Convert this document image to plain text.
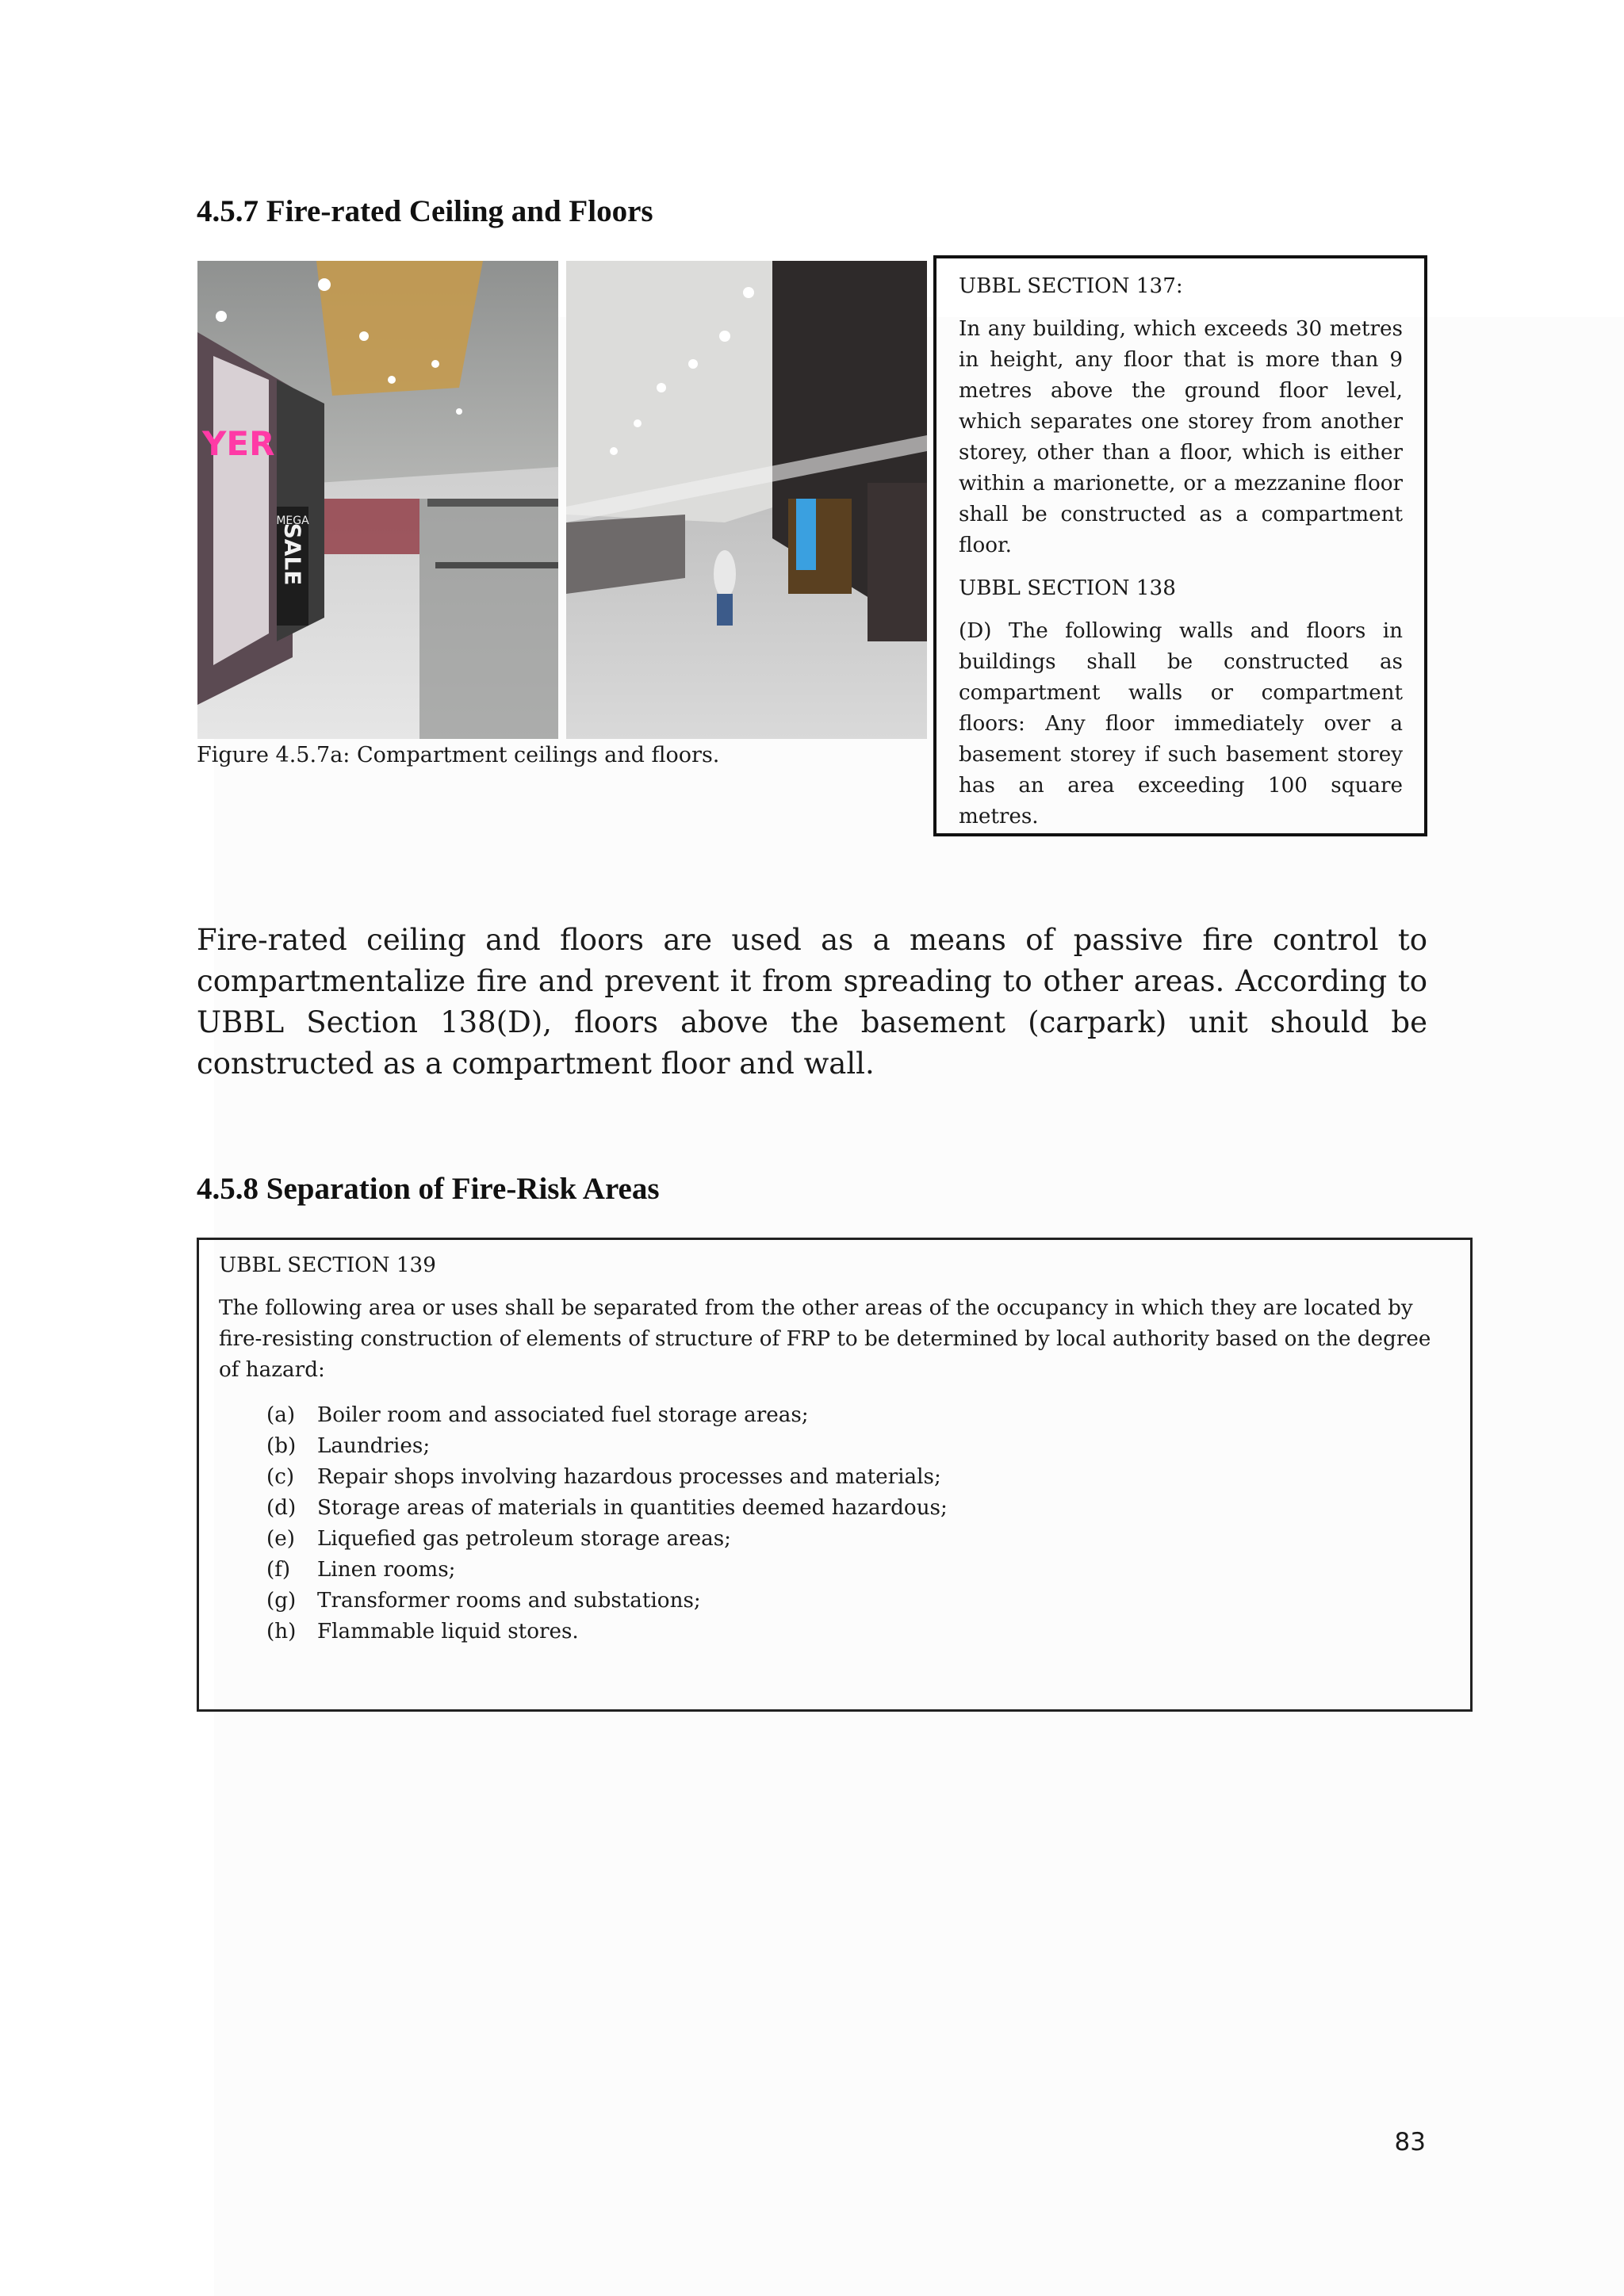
4.5.7 Fire-rated Ceiling and Floors
YER
MEGA
SALE
Figure 4.5.7a: Compartment ceilings and floors.

UBBL SECTION 137:

In any building, which exceeds 30 metres in height, any floor that is more than 9 metres above the ground floor level, which separates one storey from another storey, other than a floor, which is either within a marionette, or a mezzanine floor shall be constructed as a compartment floor.

UBBL SECTION 138

(D) The following walls and floors in buildings shall be constructed as compartment walls or compartment floors: Any floor immediately over a basement storey if such basement storey has an area exceeding 100 square metres.

Fire-rated ceiling and floors are used as a means of passive fire control to compartmentalize fire and prevent it from spreading to other areas. According to UBBL Section 138(D), floors above the basement (carpark) unit should be constructed as a compartment floor and wall.

4.5.8 Separation of Fire-Risk Areas

UBBL SECTION 139

The following area or uses shall be separated from the other areas of the occupancy in which they are located by fire-resisting construction of elements of structure of FRP to be determined by local authority based on the degree of hazard:

(a)	Boiler room and associated fuel storage areas;
(b)	Laundries;
(c)	Repair shops involving hazardous processes and materials;
(d)	Storage areas of materials in quantities deemed hazardous;
(e)	Liquefied gas petroleum storage areas;
(f)	Linen rooms;
(g)	Transformer rooms and substations;
(h)	Flammable liquid stores.
83
